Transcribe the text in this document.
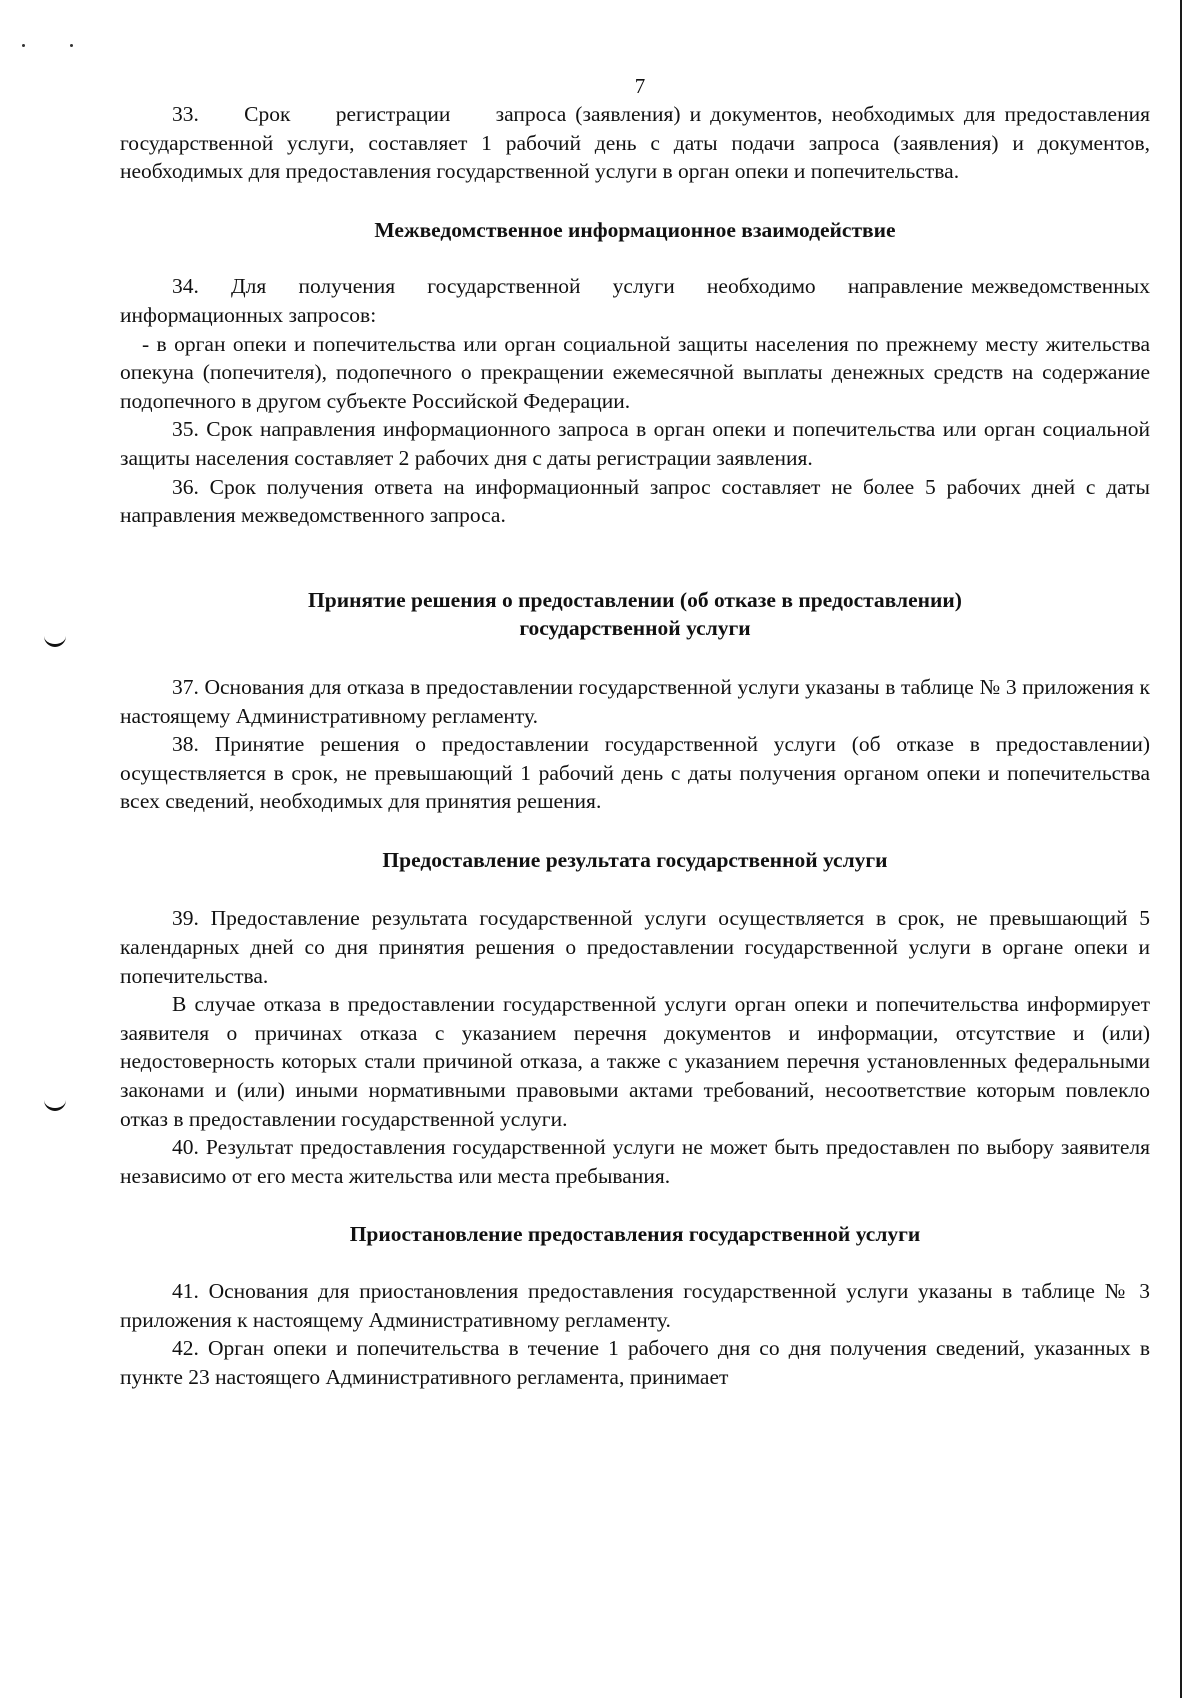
7

33.     Срок     регистрации     запроса (заявления) и документов, необходимых для предоставления государственной услуги, составляет 1 рабочий день с даты подачи запроса (заявления) и документов, необходимых для предоставления государственной услуги в орган опеки и попечительства.

Межведомственное информационное взаимодействие

34.    Для    получения    государственной    услуги    необходимо    направление межведомственных информационных запросов:

- в орган опеки и попечительства или орган социальной защиты населения по прежнему месту жительства опекуна (попечителя), подопечного о прекращении ежемесячной выплаты денежных средств на содержание подопечного в другом субъекте Российской Федерации.

35. Срок направления информационного запроса в орган опеки и попечительства или орган социальной защиты населения составляет 2 рабочих дня с даты регистрации заявления.

36. Срок получения ответа на информационный запрос составляет не более 5 рабочих дней с даты направления межведомственного запроса.

Принятие решения о предоставлении (об отказе в предоставлении)

государственной услуги

37. Основания для отказа в предоставлении государственной услуги указаны в таблице № 3 приложения к настоящему Административному регламенту.

38. Принятие решения о предоставлении государственной услуги (об отказе в предоставлении) осуществляется в срок, не превышающий 1 рабочий день с даты получения органом опеки и попечительства всех сведений, необходимых для принятия решения.

Предоставление результата государственной услуги

39. Предоставление результата государственной услуги осуществляется в срок, не превышающий 5 календарных дней со дня принятия решения о предоставлении государственной услуги в органе опеки и попечительства.

В случае отказа в предоставлении государственной услуги орган опеки и попечительства информирует заявителя о причинах отказа с указанием перечня документов и информации, отсутствие и (или) недостоверность которых стали причиной отказа, а также с указанием перечня установленных федеральными законами и (или) иными нормативными правовыми актами требований, несоответствие которым повлекло отказ в предоставлении государственной услуги.

40. Результат предоставления государственной услуги не может быть предоставлен по выбору заявителя независимо от его места жительства или места пребывания.

Приостановление предоставления государственной услуги

41. Основания для приостановления предоставления государственной услуги указаны в таблице № 3 приложения к настоящему Административному регламенту.

42. Орган опеки и попечительства в течение 1 рабочего дня со дня получения сведений, указанных в пункте 23 настоящего Административного регламента, принимает
